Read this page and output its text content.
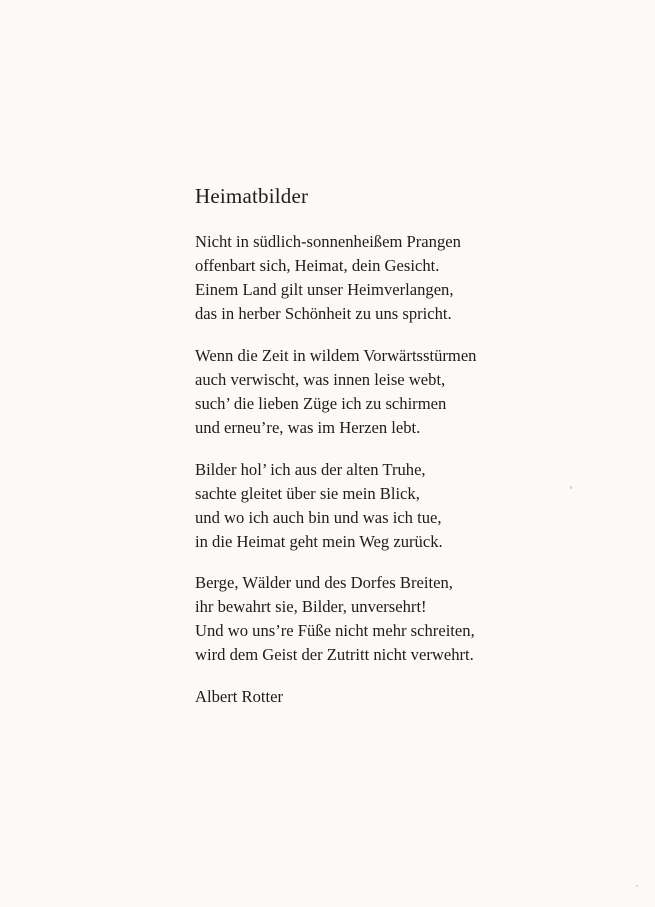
Heimatbilder
Nicht in südlich-sonnenheißem Prangen
offenbart sich, Heimat, dein Gesicht.
Einem Land gilt unser Heimverlangen,
das in herber Schönheit zu uns spricht.
Wenn die Zeit in wildem Vorwärtsstürmen
auch verwischt, was innen leise webt,
such’ die lieben Züge ich zu schirmen
und erneu’re, was im Herzen lebt.
Bilder hol’ ich aus der alten Truhe,
sachte gleitet über sie mein Blick,
und wo ich auch bin und was ich tue,
in die Heimat geht mein Weg zurück.
Berge, Wälder und des Dorfes Breiten,
ihr bewahrt sie, Bilder, unversehrt!
Und wo uns’re Füße nicht mehr schreiten,
wird dem Geist der Zutritt nicht verwehrt.
Albert Rotter
